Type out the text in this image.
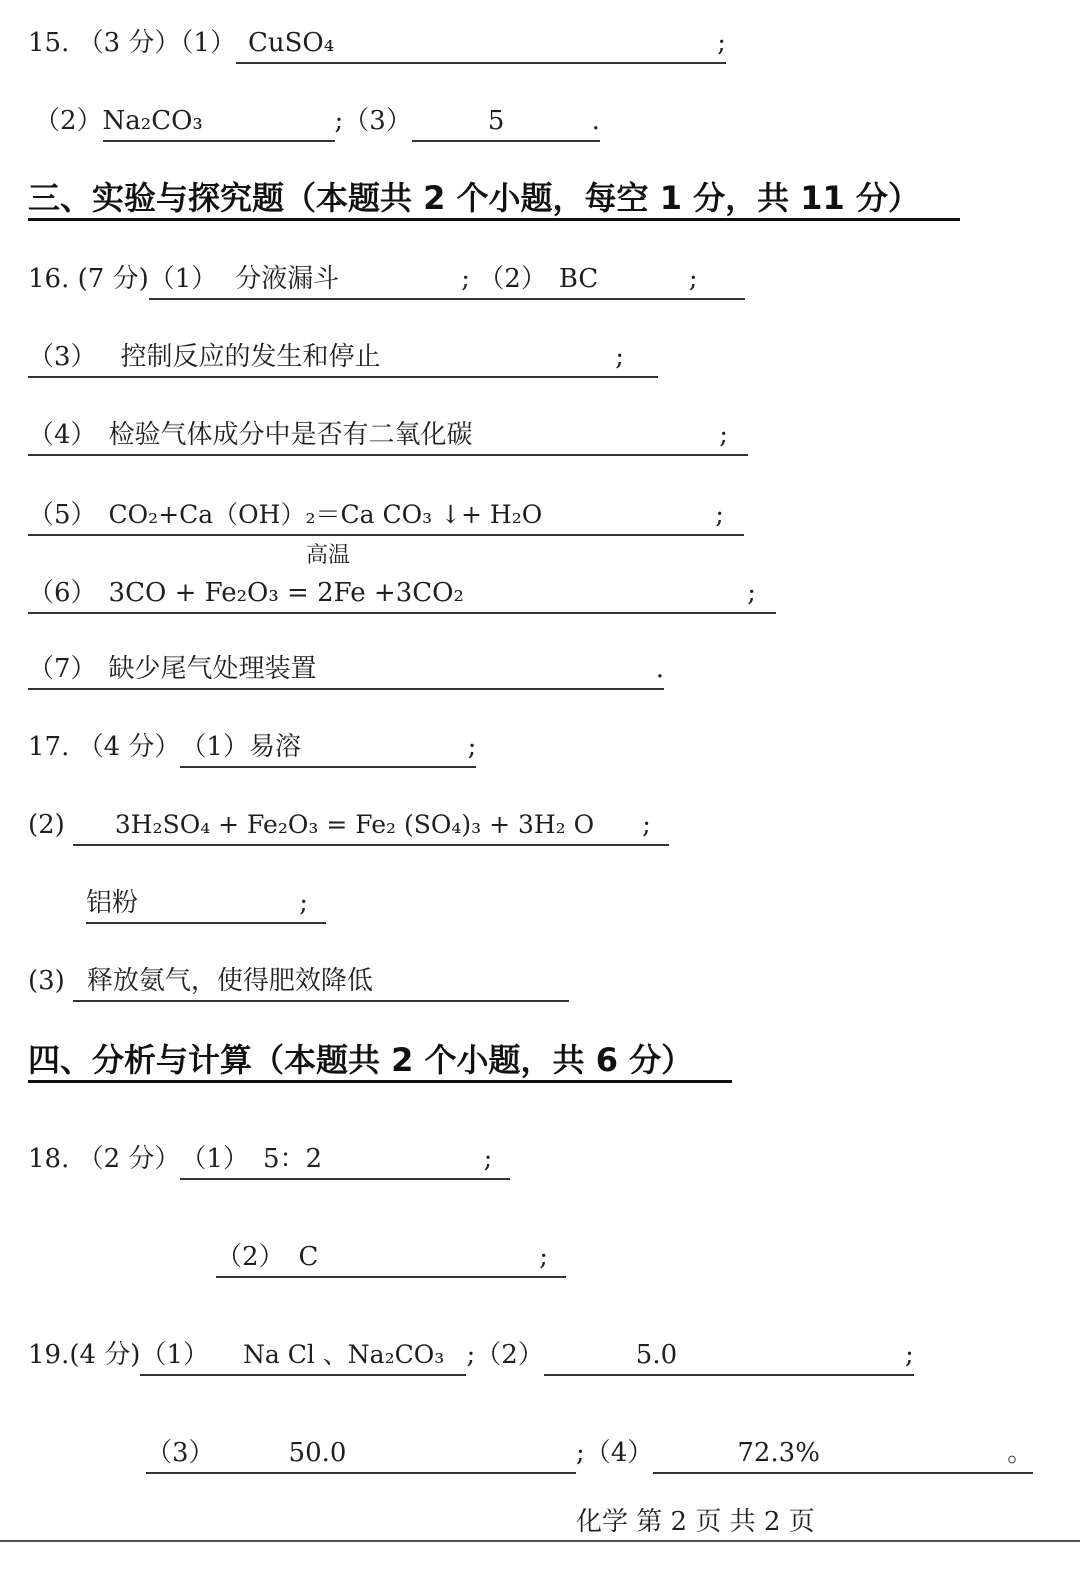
15. （3 分）（1） CuSO₄	;
（2）Na₂CO₃	;（3）	5	.
三、实验与探究题（本题共 2 个小题，每空 1 分，共 11 分）
16. (7 分)（1） 分液漏斗	; （2） BC	;
（3） 控制反应的发生和停止	;
（4） 检验气体成分中是否有二氧化碳	;
（5） CO₂+Ca（OH）₂＝Ca CO₃ ↓+ H₂O	;
高温
（6） 3CO + Fe₂O₃ = 2Fe +3CO₂	;
（7） 缺少尾气处理装置	.
17. （4 分）（1）易溶	;
(2) 3H₂SO₄ + Fe₂O₃ = Fe₂ (SO₄)₃ + 3H₂ O ;
铝粉	;
(3) 释放氨气，使得肥效降低
四、分析与计算（本题共 2 个小题，共 6 分）
18. （2 分）（1） 5：2	;
（2） C	;
19.(4 分)（1） Na Cl 、Na₂CO₃ ;（2）	5.0	;
（3）	50.0	;（4）	72.3%	。
化学 第 2 页 共 2 页
